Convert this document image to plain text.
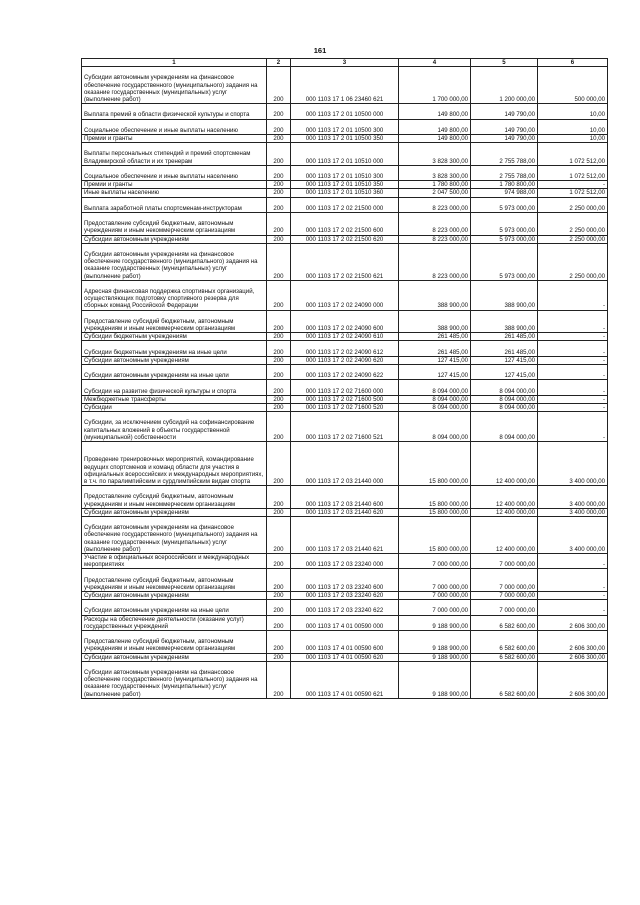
161
1	2	3	4	5	6
Субсидии автономным учреждениям на финансовое обеспечение государственного (муниципального) задания на оказание государственных (муниципальных) услуг (выполнение работ)	200	000 1103 17 1 06 23460 621	1 700 000,00	1 200 000,00	500 000,00
Выплата премий в области физической культуры и спорта	200	000 1103 17 2 01 10500 000	149 800,00	149 790,00	10,00
Социальное обеспечение и иные выплаты населению	200	000 1103 17 2 01 10500 300	149 800,00	149 790,00	10,00
Премии и гранты	200	000 1103 17 2 01 10500 350	149 800,00	149 790,00	10,00
Выплаты персональных стипендий и премий спортсменам Владимирской области и их тренерам	200	000 1103 17 2 01 10510 000	3 828 300,00	2 755 788,00	1 072 512,00
Социальное обеспечение и иные выплаты населению	200	000 1103 17 2 01 10510 300	3 828 300,00	2 755 788,00	1 072 512,00
Премии и гранты	200	000 1103 17 2 01 10510 350	1 780 800,00	1 780 800,00	-
Иные выплаты населению	200	000 1103 17 2 01 10510 360	2 047 500,00	974 988,00	1 072 512,00
Выплата заработной платы спортсменам-инструкторам	200	000 1103 17 2 02 21500 000	8 223 000,00	5 973 000,00	2 250 000,00
Предоставление субсидий бюджетным, автономным учреждениям и иным некоммерческим организациям	200	000 1103 17 2 02 21500 600	8 223 000,00	5 973 000,00	2 250 000,00
Субсидии автономным учреждениям	200	000 1103 17 2 02 21500 620	8 223 000,00	5 973 000,00	2 250 000,00
Субсидии автономным учреждениям на финансовое обеспечение государственного (муниципального) задания на оказание государственных (муниципальных) услуг (выполнение работ)	200	000 1103 17 2 02 21500 621	8 223 000,00	5 973 000,00	2 250 000,00
Адресная финансовая поддержка спортивных организаций, осуществляющих подготовку спортивного резерва для сборных команд Российской Федерации	200	000 1103 17 2 02 24090 000	388 900,00	388 900,00	-
Предоставление субсидий бюджетным, автономным учреждениям и иным некоммерческим организациям	200	000 1103 17 2 02 24090 600	388 900,00	388 900,00	-
Субсидии бюджетным учреждениям	200	000 1103 17 2 02 24090 610	261 485,00	261 485,00	-
Субсидии бюджетным учреждениям на иные цели	200	000 1103 17 2 02 24090 612	261 485,00	261 485,00	-
Субсидии автономным учреждениям	200	000 1103 17 2 02 24090 620	127 415,00	127 415,00	-
Субсидии автономным учреждениям на иные цели	200	000 1103 17 2 02 24090 622	127 415,00	127 415,00	-
Субсидии на развитие физической культуры и спорта	200	000 1103 17 2 02 71600 000	8 094 000,00	8 094 000,00	-
Межбюджетные трансферты	200	000 1103 17 2 02 71600 500	8 094 000,00	8 094 000,00	-
Субсидии	200	000 1103 17 2 02 71600 520	8 094 000,00	8 094 000,00	-
Субсидии, за исключением субсидий на софинансирование капитальных вложений в объекты государственной (муниципальной) собственности	200	000 1103 17 2 02 71600 521	8 094 000,00	8 094 000,00	-
Проведение тренировочных мероприятий, командирование ведущих спортсменов и команд области для участия в официальных всероссийских и международных мероприятиях, в т.ч. по паралимпийским и сурдлимпийским видам спорта	200	000 1103 17 2 03 21440 000	15 800 000,00	12 400 000,00	3 400 000,00
Предоставление субсидий бюджетным, автономным учреждениям и иным некоммерческим организациям	200	000 1103 17 2 03 21440 600	15 800 000,00	12 400 000,00	3 400 000,00
Субсидии автономным учреждениям	200	000 1103 17 2 03 21440 620	15 800 000,00	12 400 000,00	3 400 000,00
Субсидии автономным учреждениям на финансовое обеспечение государственного (муниципального) задания на оказание государственных (муниципальных) услуг (выполнение работ)	200	000 1103 17 2 03 21440 621	15 800 000,00	12 400 000,00	3 400 000,00
Участие в официальных всероссийских и международных мероприятиях	200	000 1103 17 2 03 23240 000	7 000 000,00	7 000 000,00	-
Предоставление субсидий бюджетным, автономным учреждениям и иным некоммерческим организациям	200	000 1103 17 2 03 23240 600	7 000 000,00	7 000 000,00	-
Субсидии автономным учреждениям	200	000 1103 17 2 03 23240 620	7 000 000,00	7 000 000,00	-
Субсидии автономным учреждениям на иные цели	200	000 1103 17 2 03 23240 622	7 000 000,00	7 000 000,00	-
Расходы на обеспечение деятельности (оказание услуг) государственных учреждений	200	000 1103 17 4 01 00590 000	9 188 900,00	6 582 600,00	2 606 300,00
Предоставление субсидий бюджетным, автономным учреждениям и иным некоммерческим организациям	200	000 1103 17 4 01 00590 600	9 188 900,00	6 582 600,00	2 606 300,00
Субсидии автономным учреждениям	200	000 1103 17 4 01 00590 620	9 188 900,00	6 582 600,00	2 606 300,00
Субсидии автономным учреждениям на финансовое обеспечение государственного (муниципального) задания на оказание государственных (муниципальных) услуг (выполнение работ)	200	000 1103 17 4 01 00590 621	9 188 900,00	6 582 600,00	2 606 300,00
